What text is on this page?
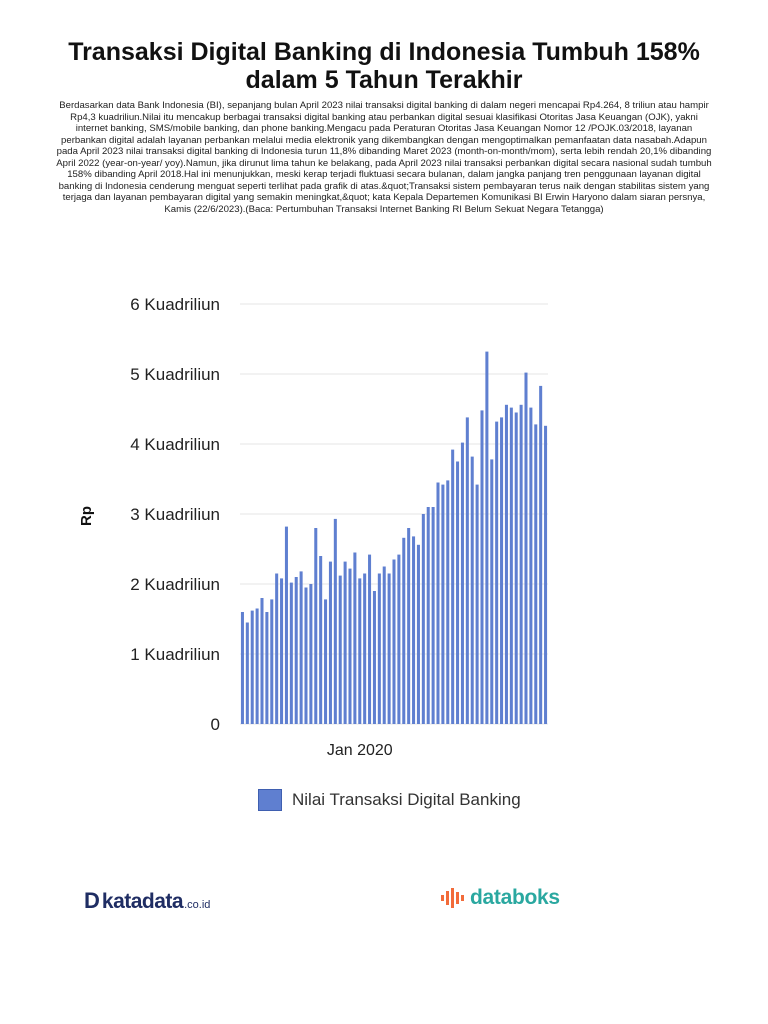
Transaksi Digital Banking di Indonesia Tumbuh 158% dalam 5 Tahun Terakhir

Berdasarkan data Bank Indonesia (BI), sepanjang bulan April 2023 nilai transaksi digital banking di dalam negeri mencapai Rp4.264, 8 triliun atau hampir Rp4,3 kuadriliun.Nilai itu mencakup berbagai transaksi digital banking atau perbankan digital sesuai klasifikasi Otoritas Jasa Keuangan (OJK), yakni internet banking, SMS/mobile banking, dan phone banking.Mengacu pada Peraturan Otoritas Jasa Keuangan Nomor 12 /POJK.03/2018, layanan perbankan digital adalah layanan perbankan melalui media elektronik yang dikembangkan dengan mengoptimalkan pemanfaatan data nasabah.Adapun pada April 2023 nilai transaksi digital banking di Indonesia turun 11,8% dibanding Maret 2023 (month-on-month/mom), serta lebih rendah 20,1% dibanding April 2022 (year-on-year/ yoy).Namun, jika dirunut lima tahun ke belakang, pada April 2023 nilai transaksi perbankan digital secara nasional sudah tumbuh 158% dibanding April 2018.Hal ini menunjukkan, meski kerap terjadi fluktuasi secara bulanan, dalam jangka panjang tren penggunaan layanan digital banking di Indonesia cenderung menguat seperti terlihat pada grafik di atas.&quot;Transaksi sistem pembayaran terus naik dengan stabilitas sistem yang terjaga dan layanan pembayaran digital yang semakin meningkat,&quot; kata Kepala Departemen Komunikasi BI Erwin Haryono dalam siaran persnya, Kamis (22/6/2023).(Baca: Pertumbuhan Transaksi Internet Banking RI Belum Sekuat Negara Tetangga)

6 Kuadriliun
5 Kuadriliun
4 Kuadriliun
3 Kuadriliun
2 Kuadriliun
1 Kuadriliun
0
Rp
Jan 2020
Nilai Transaksi Digital Banking
D katadata .co.id	databoks
